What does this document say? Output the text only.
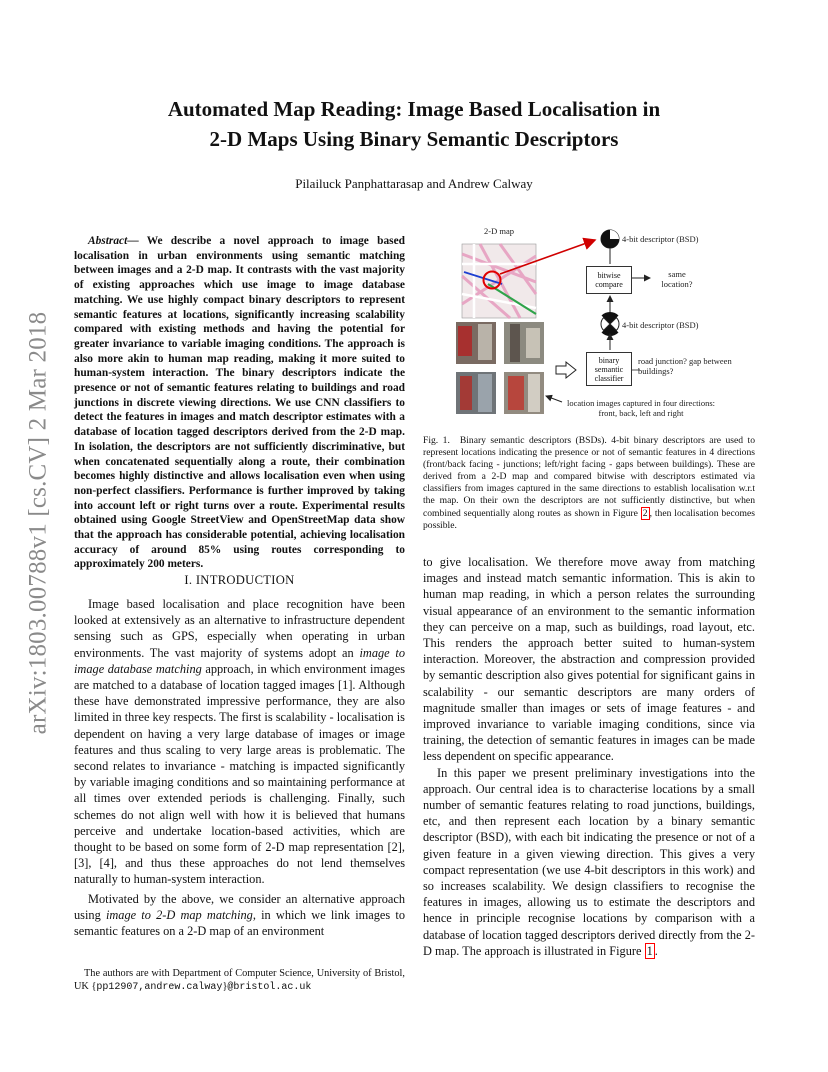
arXiv:1803.00788v1 [cs.CV] 2 Mar 2018
Automated Map Reading: Image Based Localisation in
2-D Maps Using Binary Semantic Descriptors
Pilailuck Panphattarasap and Andrew Calway
Abstract— We describe a novel approach to image based localisation in urban environments using semantic matching between images and a 2-D map. It contrasts with the vast majority of existing approaches which use image to image database matching. We use highly compact binary descriptors to represent semantic features at locations, significantly increasing scalability compared with existing methods and having the potential for greater invariance to variable imaging conditions. The approach is also more akin to human map reading, making it more suited to human-system interaction. The binary descriptors indicate the presence or not of semantic features relating to buildings and road junctions in discrete viewing directions. We use CNN classifiers to detect the features in images and match descriptor estimates with a database of location tagged descriptors derived from the 2-D map. In isolation, the descriptors are not sufficiently discriminative, but when concatenated sequentially along a route, their combination becomes highly distinctive and allows localisation even when using non-perfect classifiers. Performance is further improved by taking into account left or right turns over a route. Experimental results obtained using Google StreetView and OpenStreetMap data show that the approach has considerable potential, achieving localisation accuracy of around 85% using routes corresponding to approximately 200 meters.
I. INTRODUCTION

Image based localisation and place recognition have been looked at extensively as an alternative to infrastructure dependent sensing such as GPS, especially when operating in urban environments. The vast majority of systems adopt an image to image database matching approach, in which environment images are matched to a database of location tagged images [1]. Although these have demonstrated impressive performance, they are also limited in three key respects. The first is scalability - localisation is dependent on having a very large database of images or image features and thus scaling to very large areas is problematic. The second relates to invariance - matching is impacted significantly by variable imaging conditions and so maintaining performance at all times over extended periods is challenging. Finally, such schemes do not align well with how it is believed that humans perceive and undertake location-based activities, which are thought to be based on some form of 2-D map representation [2], [3], [4], and thus these approaches do not lend themselves naturally to human-system interaction.

Motivated by the above, we consider an alternative approach using image to 2-D map matching, in which we link images to semantic features on a 2-D map of an environment

The authors are with Department of Computer Science, University of Bristol, UK {pp12907,andrew.calway}@bristol.ac.uk
2-D map
4-bit descriptor (BSD)
bitwise compare
same location?
4-bit descriptor (BSD)
binary semantic classifier
road junction? gap between buildings?
location images captured in four directions: front, back, left and right
Fig. 1. Binary semantic descriptors (BSDs). 4-bit binary descriptors are used to represent locations indicating the presence or not of semantic features in 4 directions (front/back facing - junctions; left/right facing - gaps between buildings). These are derived from a 2-D map and compared bitwise with descriptors estimated via classifiers from images captured in the same directions to establish localisation w.r.t the map. On their own the descriptors are not sufficiently distinctive, but when combined sequentially along routes as shown in Figure 2 , then localisation becomes possible.

to give localisation. We therefore move away from matching images and instead match semantic information. This is akin to human map reading, in which a person relates the surrounding visual appearance of an environment to the semantic information they can perceive on a map, such as buildings, road layout, etc. This renders the approach better suited to human-system interaction. Moreover, the abstraction and compression provided by semantic description also gives potential for significant gains in scalability - our semantic descriptors are many orders of magnitude smaller than images or sets of image features - and improved invariance to variable imaging conditions, since via training, the detection of semantic features in images can be made less dependent on specific appearance.

In this paper we present preliminary investigations into the approach. Our central idea is to characterise locations by a small number of semantic features relating to road junctions, buildings, etc, and then represent each location by a binary semantic descriptor (BSD), with each bit indicating the presence or not of a given feature in a given viewing direction. This gives a very compact representation (we use 4-bit descriptors in this work) and so increases scalability. We design classifiers to recognise the features in images, allowing us to estimate the descriptors and hence in principle recognise locations by comparison with a database of location tagged descriptors derived directly from the 2-D map. The approach is illustrated in Figure 1 .
